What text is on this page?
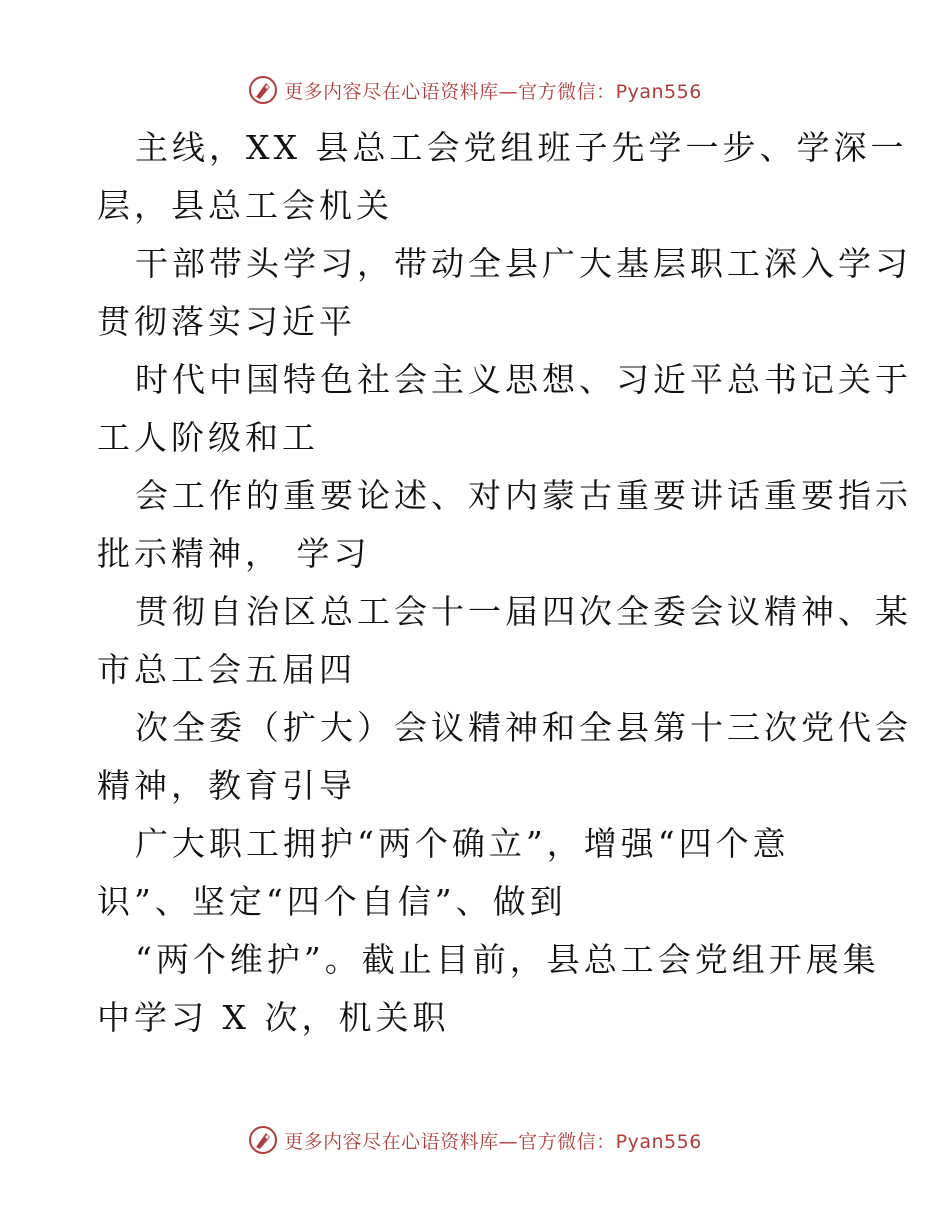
更多内容尽在心语资料库—官方微信：Pyan556
主线，XX 县总工会党组班子先学一步、学深一
层，县总工会机关
干部带头学习，带动全县广大基层职工深入学习
贯彻落实习近平
时代中国特色社会主义思想、习近平总书记关于
工人阶级和工
会工作的重要论述、对内蒙古重要讲话重要指示
批示精神， 学习
贯彻自治区总工会十一届四次全委会议精神、某
市总工会五届四
次全委（扩大）会议精神和全县第十三次党代会
精神，教育引导
广大职工拥护“两个确立”，增强“四个意
识”、坚定“四个自信”、做到
“两个维护”。截止目前，县总工会党组开展集
中学习 X 次，机关职
更多内容尽在心语资料库—官方微信：Pyan556
